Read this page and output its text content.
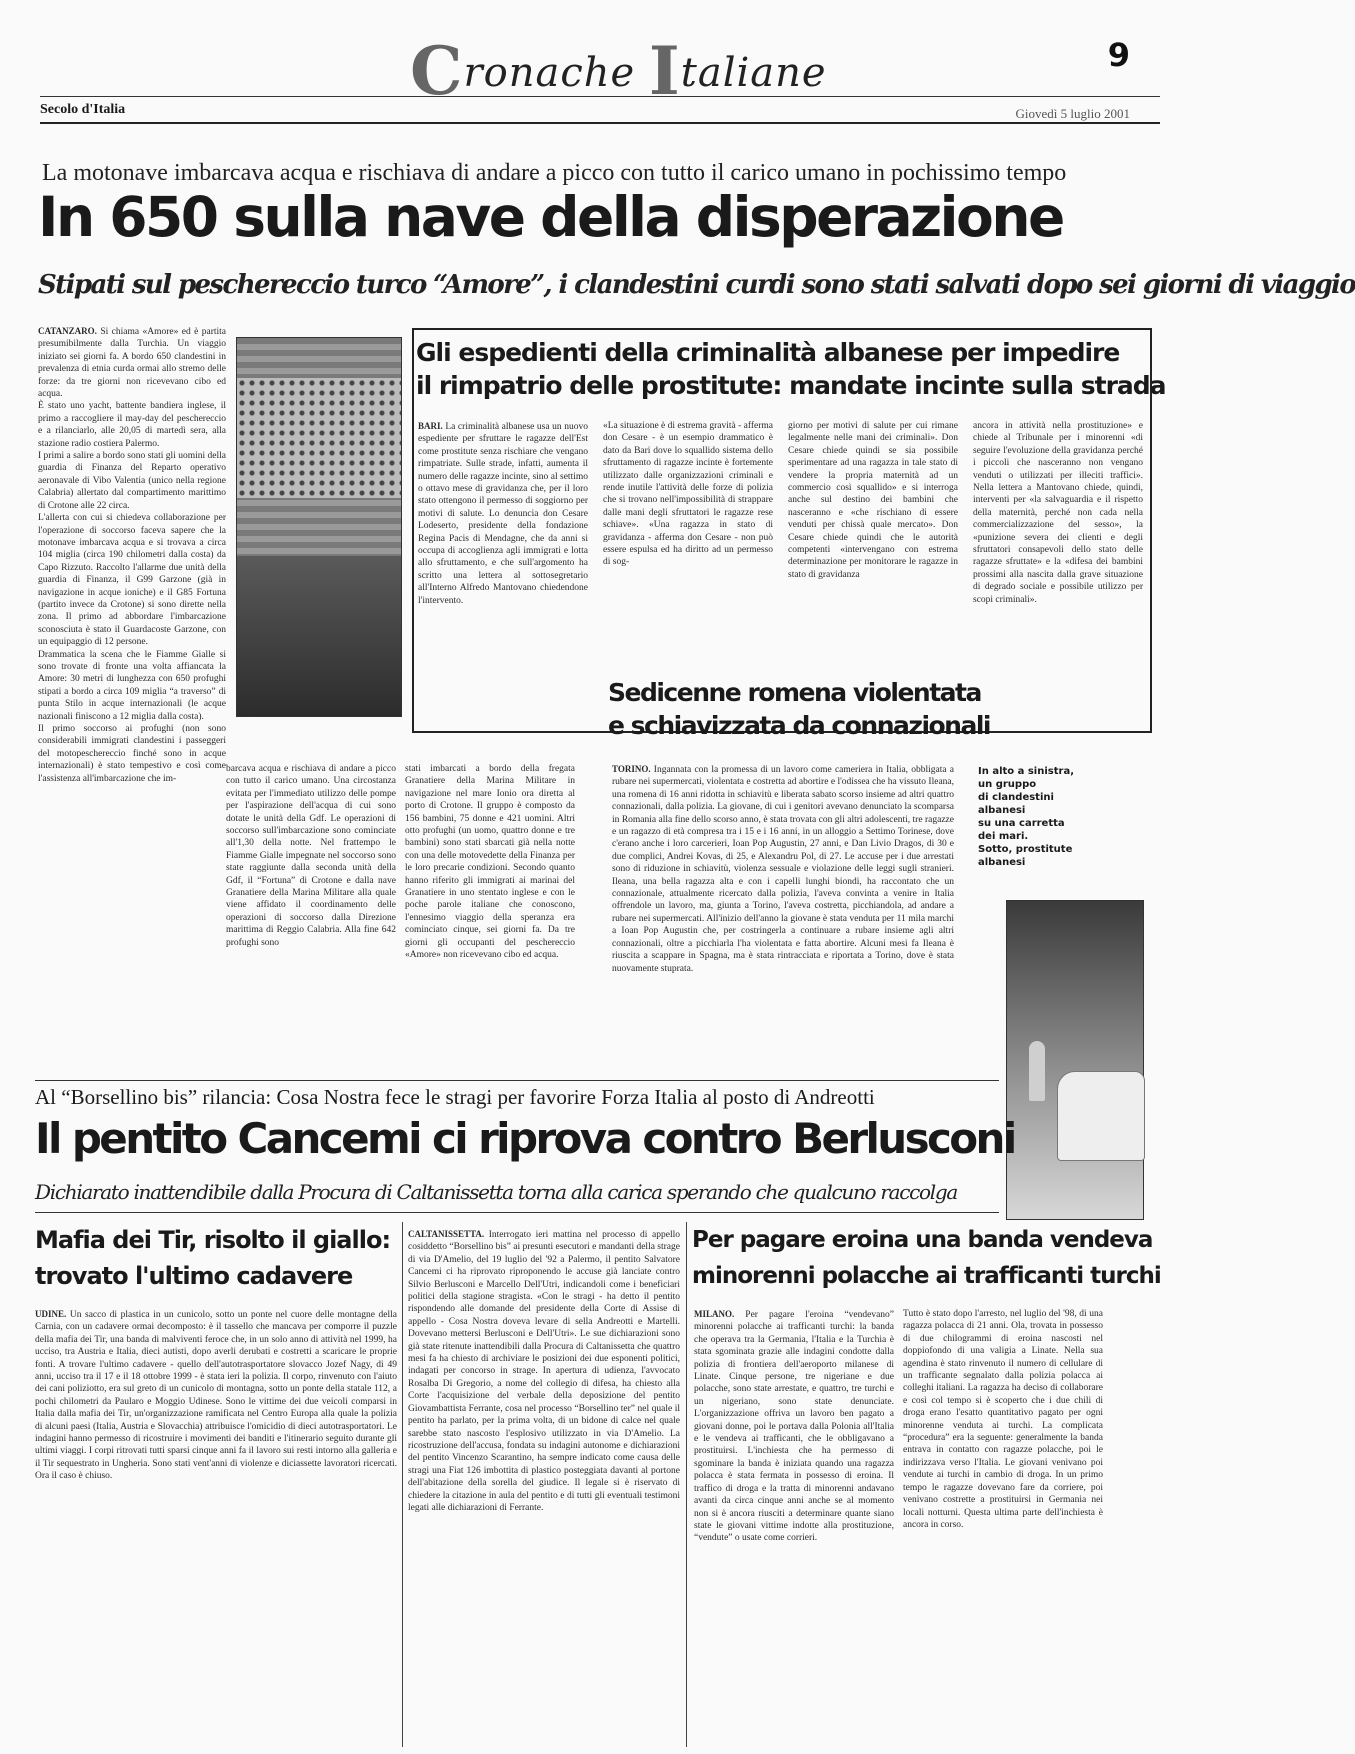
Cronache Italiane	9
Secolo d'Italia	Giovedì 5 luglio 2001
La motonave imbarcava acqua e rischiava di andare a picco con tutto il carico umano in pochissimo tempo
In 650 sulla nave della disperazione
Stipati sul peschereccio turco “Amore”, i clandestini curdi sono stati salvati dopo sei giorni di viaggio

CATANZARO. Si chiama «Amore» ed è partita presumibilmente dalla Turchia. Un viaggio iniziato sei giorni fa. A bordo 650 clandestini in prevalenza di etnia curda ormai allo stremo delle forze: da tre giorni non ricevevano cibo ed acqua.

È stato uno yacht, battente bandiera inglese, il primo a raccogliere il may-day del peschereccio e a rilanciarlo, alle 20,05 di martedì sera, alla stazione radio costiera Palermo.

I primi a salire a bordo sono stati gli uomini della guardia di Finanza del Reparto operativo aeronavale di Vibo Valentia (unico nella regione Calabria) allertato dal compartimento marittimo di Crotone alle 22 circa.

L'allerta con cui si chiedeva collaborazione per l'operazione di soccorso faceva sapere che la motonave imbarcava acqua e si trovava a circa 104 miglia (circa 190 chilometri dalla costa) da Capo Rizzuto. Raccolto l'allarme due unità della guardia di Finanza, il G99 Garzone (già in navigazione in acque ioniche) e il G85 Fortuna (partito invece da Crotone) si sono dirette nella zona. Il primo ad abbordare l'imbarcazione sconosciuta è stato il Guardacoste Garzone, con un equipaggio di 12 persone.

Drammatica la scena che le Fiamme Gialle si sono trovate di fronte una volta affiancata la Amore: 30 metri di lunghezza con 650 profughi stipati a bordo a circa 109 miglia “a traverso” di punta Stilo in acque internazionali (le acque nazionali finiscono a 12 miglia dalla costa).

Il primo soccorso ai profughi (non sono considerabili immigrati clandestini i passeggeri del motopeschereccio finché sono in acque internazionali) è stato tempestivo e così come l'assistenza all'imbarcazione che im-

barcava acqua e rischiava di andare a picco con tutto il carico umano. Una circostanza evitata per l'immediato utilizzo delle pompe per l'aspirazione dell'acqua di cui sono dotate le unità della Gdf. Le operazioni di soccorso sull'imbarcazione sono cominciate all'1,30 della notte. Nel frattempo le Fiamme Gialle impegnate nel soccorso sono state raggiunte dalla seconda unità della Gdf, il “Fortuna” di Crotone e dalla nave Granatiere della Marina Militare alla quale viene affidato il coordinamento delle operazioni di soccorso dalla Direzione marittima di Reggio Calabria. Alla fine 642 profughi sono
stati imbarcati a bordo della fregata Granatiere della Marina Militare in navigazione nel mare Ionio ora diretta al porto di Crotone. Il gruppo è composto da 156 bambini, 75 donne e 421 uomini. Altri otto profughi (un uomo, quattro donne e tre bambini) sono stati sbarcati già nella notte con una delle motovedette della Finanza per le loro precarie condizioni. Secondo quanto hanno riferito gli immigrati ai marinai del Granatiere in uno stentato inglese e con le poche parole italiane che conoscono, l'ennesimo viaggio della speranza era cominciato cinque, sei giorni fa. Da tre giorni gli occupanti del peschereccio «Amore» non ricevevano cibo ed acqua.
Gli espedienti della criminalità albanese per impedire
il rimpatrio delle prostitute: mandate incinte sulla strada
BARI. La criminalità albanese usa un nuovo espediente per sfruttare le ragazze dell'Est come prostitute senza rischiare che vengano rimpatriate. Sulle strade, infatti, aumenta il numero delle ragazze incinte, sino al settimo o ottavo mese di gravidanza che, per il loro stato ottengono il permesso di soggiorno per motivi di salute. Lo denuncia don Cesare Lodeserto, presidente della fondazione Regina Pacis di Mendagne, che da anni si occupa di accoglienza agli immigrati e lotta allo sfruttamento, e che sull'argomento ha scritto una lettera al sottosegretario all'Interno Alfredo Mantovano chiedendone l'intervento.
«La situazione è di estrema gravità - afferma don Cesare - è un esempio drammatico è dato da Bari dove lo squallido sistema dello sfruttamento di ragazze incinte è fortemente utilizzato dalle organizzazioni criminali e rende inutile l'attività delle forze di polizia che si trovano nell'impossibilità di strappare dalle mani degli sfruttatori le ragazze rese schiave». «Una ragazza in stato di gravidanza - afferma don Cesare - non può essere espulsa ed ha diritto ad un permesso di sog-
giorno per motivi di salute per cui rimane legalmente nelle mani dei criminali». Don Cesare chiede quindi se sia possibile sperimentare ad una ragazza in tale stato di vendere la propria maternità ad un commercio così squallido» e si interroga anche sul destino dei bambini che nasceranno e «che rischiano di essere venduti per chissà quale mercato». Don Cesare chiede quindi che le autorità competenti «intervengano con estrema determinazione per monitorare le ragazze in stato di gravidanza
ancora in attività nella prostituzione» e chiede al Tribunale per i minorenni «di seguire l'evoluzione della gravidanza perché i piccoli che nasceranno non vengano venduti o utilizzati per illeciti traffici». Nella lettera a Mantovano chiede, quindi, interventi per «la salvaguardia e il rispetto della maternità, perché non cada nella commercializzazione del sesso», la «punizione severa dei clienti e degli sfruttatori consapevoli dello stato delle ragazze sfruttate» e la «difesa dei bambini prossimi alla nascita dalla grave situazione di degrado sociale e possibile utilizzo per scopi criminali».
Sedicenne romena violentata
e schiavizzata da connazionali
TORINO. Ingannata con la promessa di un lavoro come cameriera in Italia, obbligata a rubare nei supermercati, violentata e costretta ad abortire e l'odissea che ha vissuto Ileana, una romena di 16 anni ridotta in schiavitù e liberata sabato scorso insieme ad altri quattro connazionali, dalla polizia. La giovane, di cui i genitori avevano denunciato la scomparsa in Romania alla fine dello scorso anno, è stata trovata con gli altri adolescenti, tre ragazze e un ragazzo di età compresa tra i 15 e i 16 anni, in un alloggio a Settimo Torinese, dove c'erano anche i loro carcerieri, Ioan Pop Augustin, 27 anni, e Dan Livio Dragos, di 30 e due complici, Andrei Kovas, di 25, e Alexandru Pol, di 27. Le accuse per i due arrestati sono di riduzione in schiavitù, violenza sessuale e violazione delle leggi sugli stranieri. Ileana, una bella ragazza alta e con i capelli lunghi biondi, ha raccontato che un connazionale, attualmente ricercato dalla polizia, l'aveva convinta a venire in Italia offrendole un lavoro, ma, giunta a Torino, l'aveva costretta, picchiandola, ad andare a rubare nei supermercati. All'inizio dell'anno la giovane è stata venduta per 11 mila marchi a Ioan Pop Augustin che, per costringerla a continuare a rubare insieme agli altri connazionali, oltre a picchiarla l'ha violentata e fatta abortire. Alcuni mesi fa Ileana è riuscita a scappare in Spagna, ma è stata rintracciata e riportata a Torino, dove è stata nuovamente stuprata.
In alto a sinistra,
un gruppo
di clandestini
albanesi
su una carretta
dei mari.
Sotto, prostitute
albanesi
Al “Borsellino bis” rilancia: Cosa Nostra fece le stragi per favorire Forza Italia al posto di Andreotti
Il pentito Cancemi ci riprova contro Berlusconi
Dichiarato inattendibile dalla Procura di Caltanissetta torna alla carica sperando che qualcuno raccolga
Mafia dei Tir, risolto il giallo:
trovato l'ultimo cadavere
UDINE. Un sacco di plastica in un cunicolo, sotto un ponte nel cuore delle montagne della Carnia, con un cadavere ormai decomposto: è il tassello che mancava per comporre il puzzle della mafia dei Tir, una banda di malviventi feroce che, in un solo anno di attività nel 1999, ha ucciso, tra Austria e Italia, dieci autisti, dopo averli derubati e costretti a scaricare le proprie fonti. A trovare l'ultimo cadavere - quello dell'autotrasportatore slovacco Jozef Nagy, di 49 anni, ucciso tra il 17 e il 18 ottobre 1999 - è stata ieri la polizia. Il corpo, rinvenuto con l'aiuto dei cani poliziotto, era sul greto di un cunicolo di montagna, sotto un ponte della statale 112, a pochi chilometri da Paularo e Moggio Udinese. Sono le vittime dei due veicoli comparsi in Italia dalla mafia dei Tir, un'organizzazione ramificata nel Centro Europa alla quale la polizia di alcuni paesi (Italia, Austria e Slovacchia) attribuisce l'omicidio di dieci autotrasportatori. Le indagini hanno permesso di ricostruire i movimenti dei banditi e l'itinerario seguito durante gli ultimi viaggi. I corpi ritrovati tutti sparsi cinque anni fa il lavoro sui resti intorno alla galleria e il Tir sequestrato in Ungheria. Sono stati vent'anni di violenze e diciassette lavoratori ricercati. Ora il caso è chiuso.
CALTANISSETTA. Interrogato ieri mattina nel processo di appello cosiddetto “Borsellino bis” ai presunti esecutori e mandanti della strage di via D'Amelio, del 19 luglio del '92 a Palermo, il pentito Salvatore Cancemi ci ha riprovato riproponendo le accuse già lanciate contro Silvio Berlusconi e Marcello Dell'Utri, indicandoli come i beneficiari politici della stagione stragista. «Con le stragi - ha detto il pentito rispondendo alle domande del presidente della Corte di Assise di appello - Cosa Nostra doveva levare di sella Andreotti e Martelli. Dovevano mettersi Berlusconi e Dell'Utri». Le sue dichiarazioni sono già state ritenute inattendibili dalla Procura di Caltanissetta che quattro mesi fa ha chiesto di archiviare le posizioni dei due esponenti politici, indagati per concorso in strage. In apertura di udienza, l'avvocato Rosalba Di Gregorio, a nome del collegio di difesa, ha chiesto alla Corte l'acquisizione del verbale della deposizione del pentito Giovambattista Ferrante, cosa nel processo “Borsellino ter” nel quale il pentito ha parlato, per la prima volta, di un bidone di calce nel quale sarebbe stato nascosto l'esplosivo utilizzato in via D'Amelio. La ricostruzione dell'accusa, fondata su indagini autonome e dichiarazioni del pentito Vincenzo Scarantino, ha sempre indicato come causa delle stragi una Fiat 126 imbottita di plastico posteggiata davanti al portone dell'abitazione della sorella del giudice. Il legale si è riservato di chiedere la citazione in aula del pentito e di tutti gli eventuali testimoni legati alle dichiarazioni di Ferrante.
Per pagare eroina una banda vendeva
minorenni polacche ai trafficanti turchi
MILANO. Per pagare l'eroina “vendevano” minorenni polacche ai trafficanti turchi: la banda che operava tra la Germania, l'Italia e la Turchia è stata sgominata grazie alle indagini condotte dalla polizia di frontiera dell'aeroporto milanese di Linate. Cinque persone, tre nigeriane e due polacche, sono state arrestate, e quattro, tre turchi e un nigeriano, sono state denunciate. L'organizzazione offriva un lavoro ben pagato a giovani donne, poi le portava dalla Polonia all'Italia e le vendeva ai trafficanti, che le obbligavano a prostituirsi. L'inchiesta che ha permesso di sgominare la banda è iniziata quando una ragazza polacca è stata fermata in possesso di eroina. Il traffico di droga e la tratta di minorenni andavano avanti da circa cinque anni anche se al momento non si è ancora riusciti a determinare quante siano state le giovani vittime indotte alla prostituzione, “vendute” o usate come corrieri.
Tutto è stato dopo l'arresto, nel luglio del '98, di una ragazza polacca di 21 anni. Ola, trovata in possesso di due chilogrammi di eroina nascosti nel doppiofondo di una valigia a Linate. Nella sua agendina è stato rinvenuto il numero di cellulare di un trafficante segnalato dalla polizia polacca ai colleghi italiani. La ragazza ha deciso di collaborare e così col tempo si è scoperto che i due chili di droga erano l'esatto quantitativo pagato per ogni minorenne venduta ai turchi. La complicata “procedura” era la seguente: generalmente la banda entrava in contatto con ragazze polacche, poi le indirizzava verso l'Italia. Le giovani venivano poi vendute ai turchi in cambio di droga. In un primo tempo le ragazze dovevano fare da corriere, poi venivano costrette a prostituirsi in Germania nei locali notturni. Questa ultima parte dell'inchiesta è ancora in corso.
